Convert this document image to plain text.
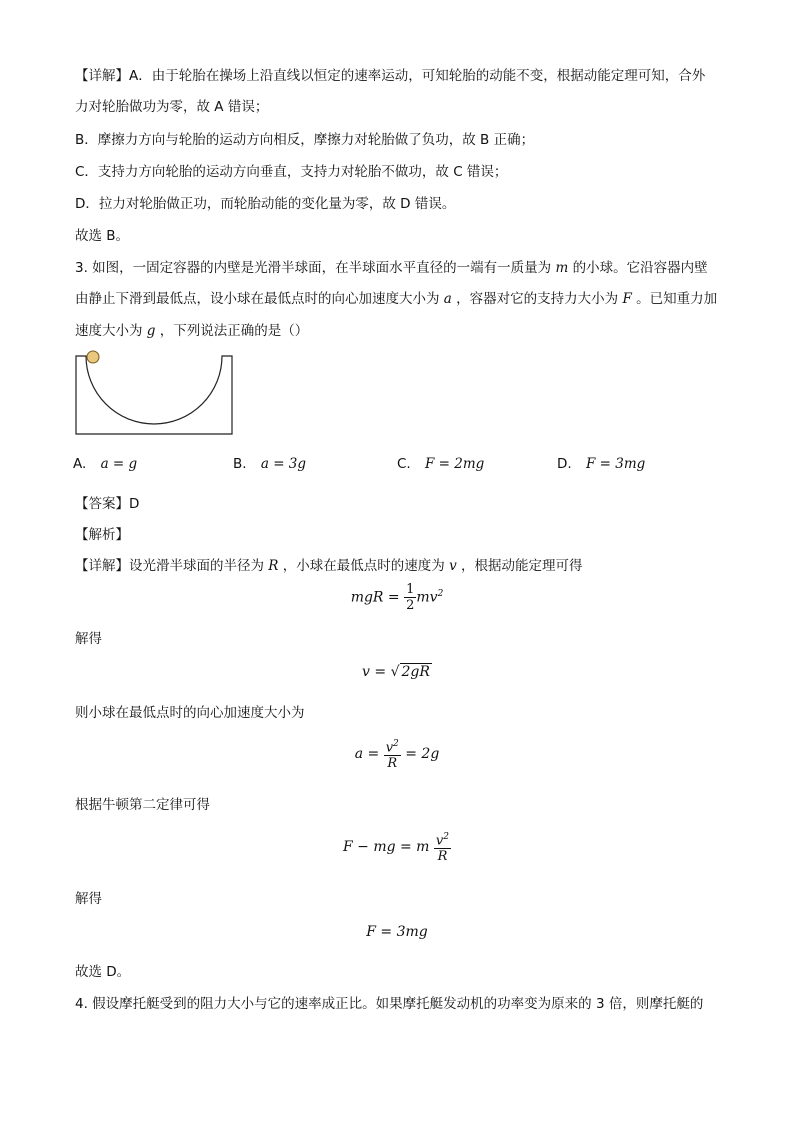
【详解】A．由于轮胎在操场上沿直线以恒定的速率运动，可知轮胎的动能不变，根据动能定理可知，合外
力对轮胎做功为零，故 A 错误；
B．摩擦力方向与轮胎的运动方向相反，摩擦力对轮胎做了负功，故 B 正确；
C．支持力方向轮胎的运动方向垂直，支持力对轮胎不做功，故 C 错误；
D．拉力对轮胎做正功，而轮胎动能的变化量为零，故 D 错误。
故选 B。
3. 如图，一固定容器的内壁是光滑半球面，在半球面水平直径的一端有一质量为 m 的小球。它沿容器内壁
由静止下滑到最低点，设小球在最低点时的向心加速度大小为 a ，容器对它的支持力大小为 F 。已知重力加
速度大小为 g ，下列说法正确的是（）
A. a = g	B. a = 3g	C. F = 2mg	D. F = 3mg
【答案】D
【解析】
【详解】设光滑半球面的半径为 R ，小球在最低点时的速度为 v ，根据动能定理可得
mgR = $\frac{1}{2} mv^2$
解得
v = √ 2gR
则小球在最低点时的向心加速度大小为
$a = \frac{v^2}{R} = 2g$
根据牛顿第二定律可得
F − mg = m $\frac{v^2}{R}$
解得
F = 3mg
故选 D。
4. 假设摩托艇受到的阻力大小与它的速率成正比。如果摩托艇发动机的功率变为原来的 3 倍，则摩托艇的
